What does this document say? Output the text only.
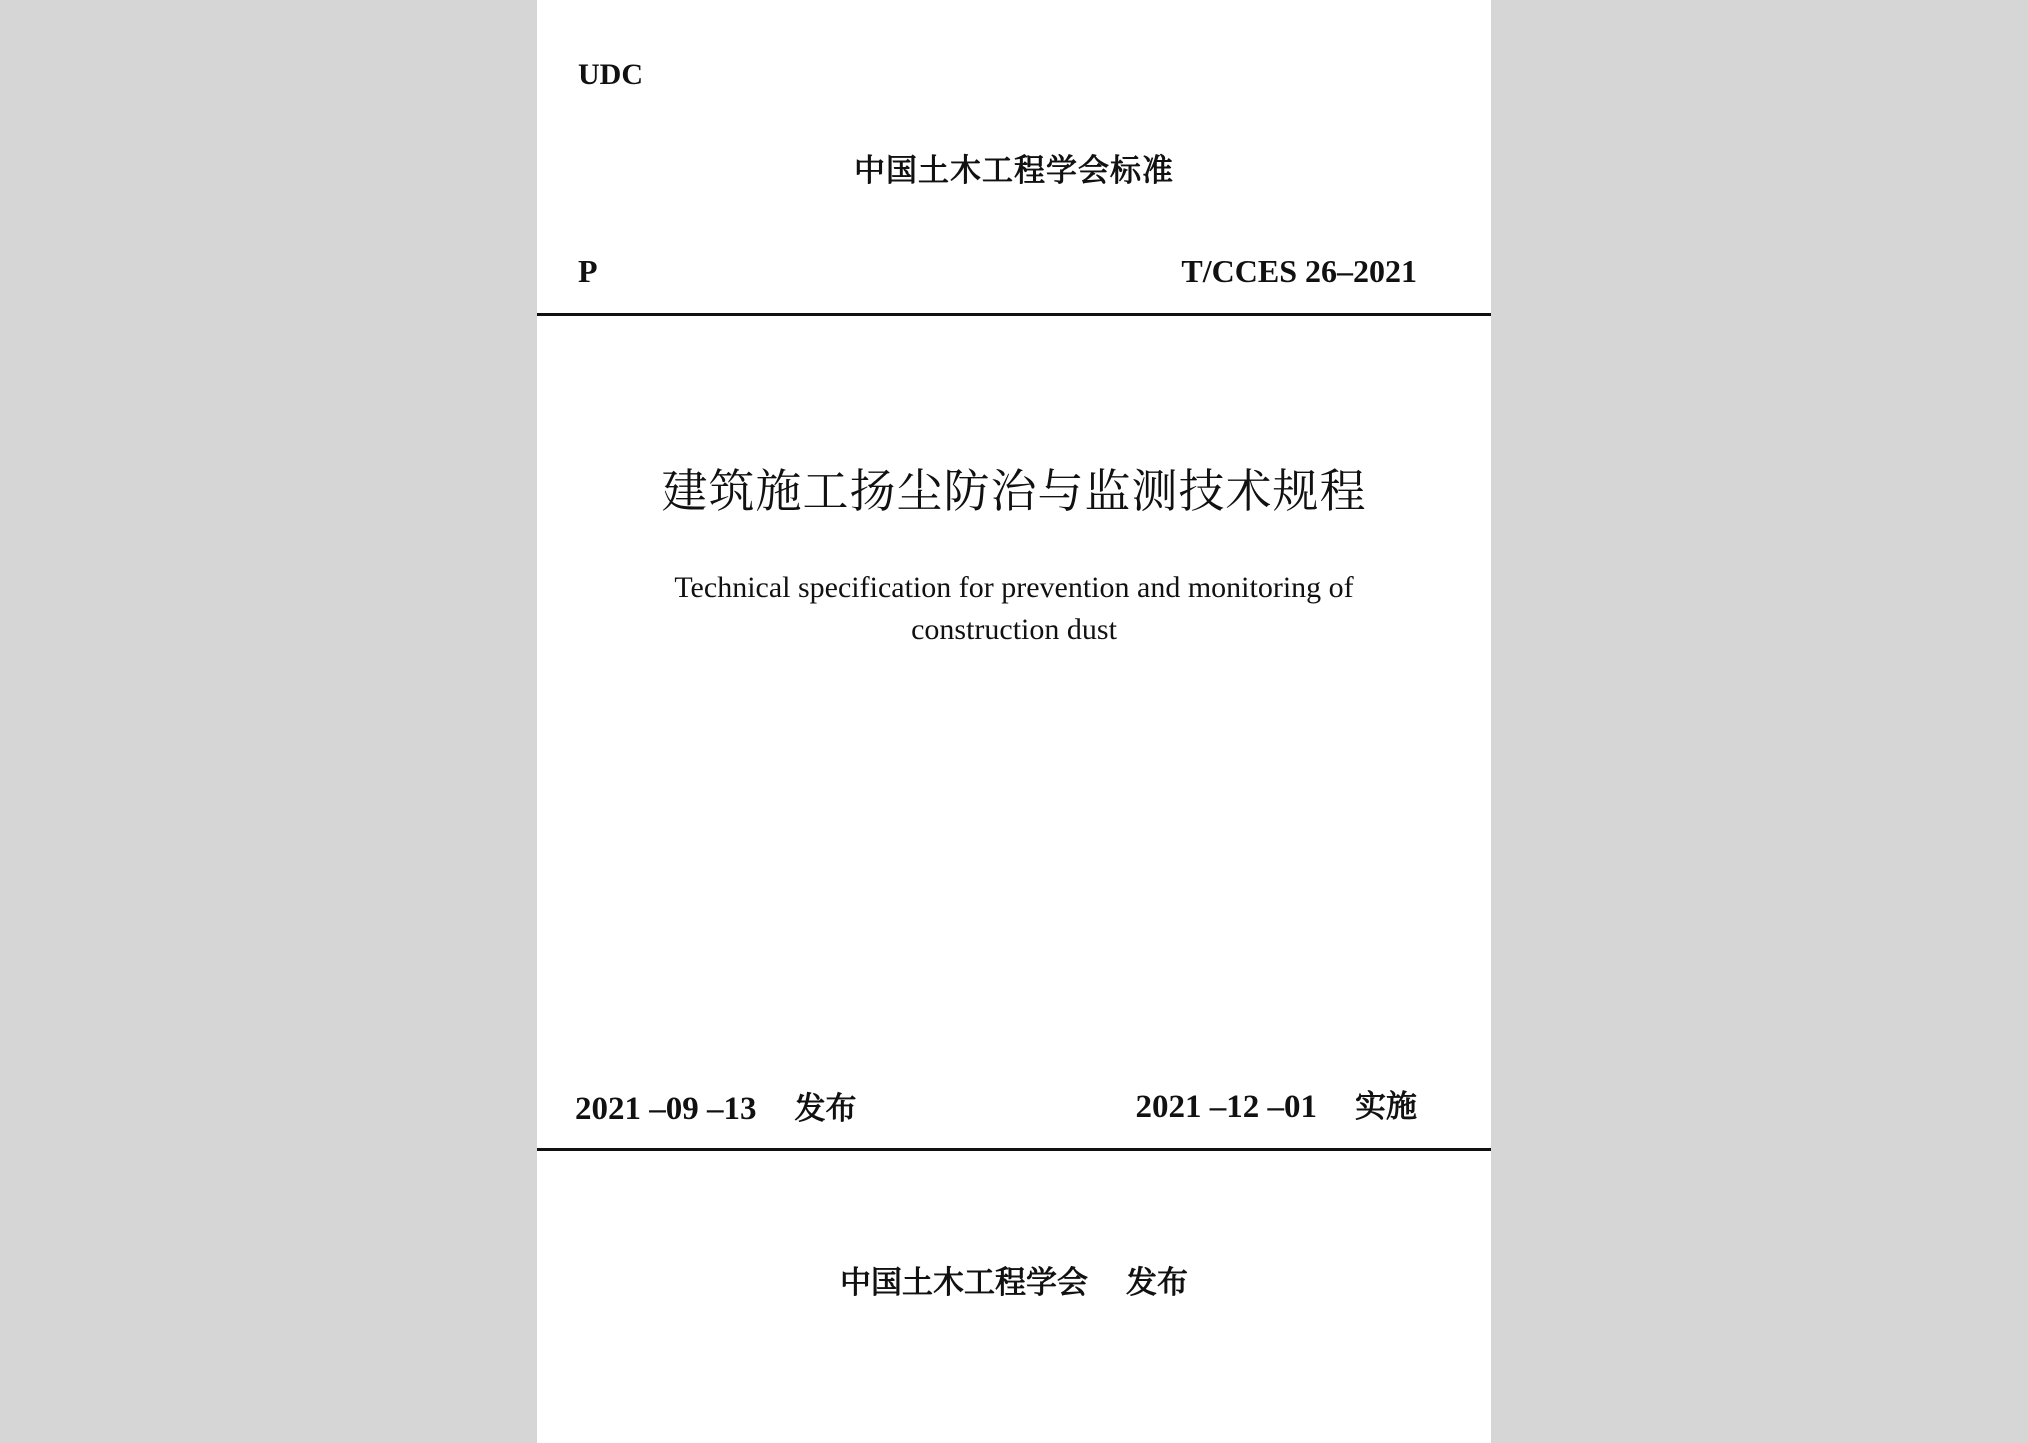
UDC
中国土木工程学会标准
P	T/CCES 26–2021
建筑施工扬尘防治与监测技术规程
Technical specification for prevention and monitoring of
construction dust
2021 –09 –13 发布	2021 –12 –01 实施
中国土木工程学会 发布
